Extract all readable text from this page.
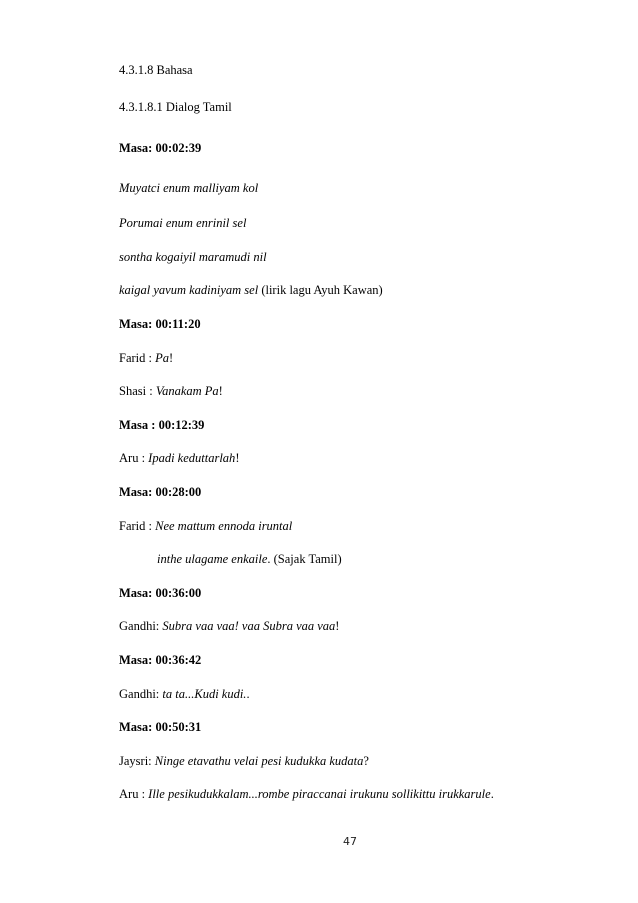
4.3.1.8 Bahasa
4.3.1.8.1 Dialog Tamil
Masa: 00:02:39
Muyatci enum malliyam kol
Porumai enum enrinil sel
sontha kogaiyil maramudi nil
kaigal yavum kadiniyam sel (lirik lagu Ayuh Kawan)
Masa: 00:11:20
Farid : Pa!
Shasi : Vanakam Pa!
Masa : 00:12:39
Aru : Ipadi keduttarlah!
Masa: 00:28:00
Farid : Nee mattum ennoda iruntal
inthe ulagame enkaile. (Sajak Tamil)
Masa: 00:36:00
Gandhi: Subra vaa vaa! vaa Subra vaa vaa!
Masa: 00:36:42
Gandhi: ta ta...Kudi kudi..
Masa: 00:50:31
Jaysri: Ninge etavathu velai pesi kudukka kudata?
Aru : Ille pesikudukkalam...rombe piraccanai irukunu sollikittu irukkarule.
47
